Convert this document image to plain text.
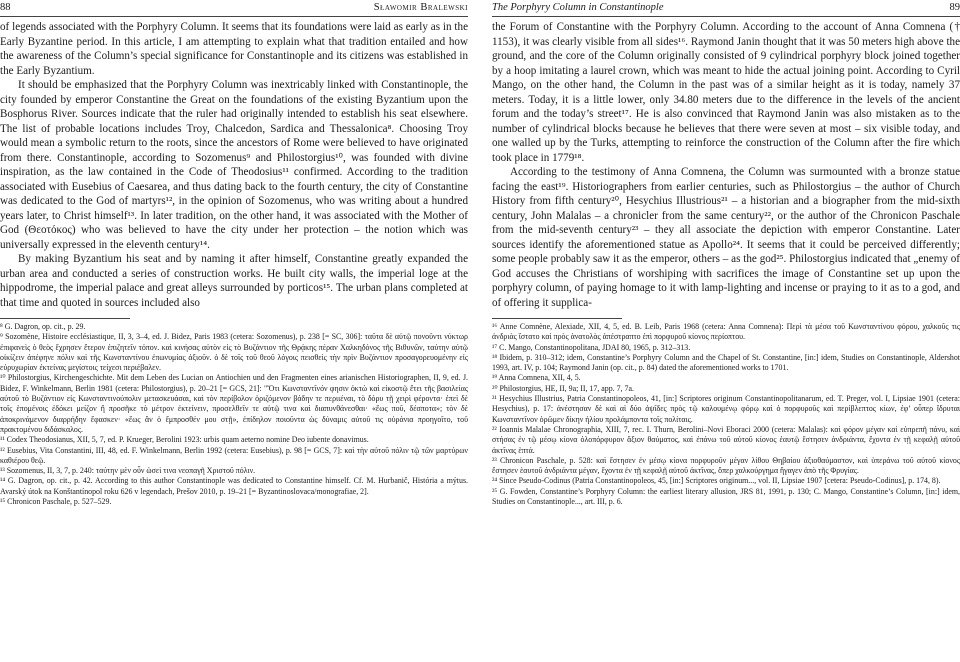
88	Sławomir Bralewski

of legends associated with the Porphyry Column. It seems that its foundations were laid as early as in the Early Byzantine period. In this article, I am attempting to explain what that tradition entailed and how the awareness of the Column’s special significance for Constantinople and its citizens was established in the Early Byzantium.

It should be emphasized that the Porphyry Column was inextricably linked with Constantinople, the city founded by emperor Constantine the Great on the foundations of the existing Byzantium upon the Bosphorus River. Sources indicate that the ruler had originally intended to establish his seat elsewhere. The list of probable locations includes Troy, Chalcedon, Sardica and Thessalonica⁸. Choosing Troy would mean a symbolic return to the roots, since the ancestors of Rome were believed to have originated from there. Constantinople, according to Sozomenus⁹ and Philostorgius¹⁰, was founded with divine inspiration, as the law contained in the Code of Theodosius¹¹ confirmed. According to the tradition associated with Eusebius of Caesarea, and thus dating back to the fourth century, the city of Constantine was dedicated to the God of martyrs¹², in the opinion of Sozomenus, who was writing about a hundred years later, to Christ himself¹³. In later tradition, on the other hand, it was associated with the Mother of God (Θεοτόκος) who was believed to have the city under her protection – the notion which was universally expressed in the eleventh century¹⁴.

By making Byzantium his seat and by naming it after himself, Constantine greatly expanded the urban area and conducted a series of construction works. He built city walls, the imperial loge at the hippodrome, the imperial palace and great alleys surrounded by porticos¹⁵. The urban plans completed at that time and quoted in sources included also

⁸ G. Dagron, op. cit., p. 29.

⁹ Sozomène, Histoire ecclésiastique, II, 3, 3–4, ed. J. Bidez, Paris 1983 (cetera: Sozomenus), p. 238 [= SC, 306]: ταῦτα δὲ αὐτῷ πονοῦντι νύκτωρ ἐπιφανεὶς ὁ θεὸς ἔχρησεν ἕτερον ἐπιζητεῖν τόπον. καὶ κινήσας αὐτὸν εἰς τὸ Βυζάντιον τῆς Θρᾴκης πέραν Χαλκηδόνος τῆς Βιθυνῶν, ταύτην αὐτῷ οἰκίζειν ἀπέφηνε πόλιν καὶ τῆς Κωνσταντίνου ἐπωνυμίας ἀξιοῦν. ὁ δὲ τοῖς τοῦ θεοῦ λόγοις πεισθεὶς τὴν πρὶν Βυζάντιον προσαγορευομένην εἰς εὐρυχωρίαν ἐκτείνας μεγίστοις τείχεσι περιέβαλεν.

¹⁰ Philostorgius, Kirchengeschichte. Mit dem Leben des Lucian on Antiochien und den Fragmenten eines arianischen Historiographen, II, 9, ed. J. Bidez, F. Winkelmann, Berlin 1981 (cetera: Philostorgius), p. 20–21 [= GCS, 21]: "Ὅτι Κωνσταντῖνόν φησιν ὀκτὼ καὶ εἰκοστῷ ἔτει τῆς βασιλείας αὐτοῦ τὸ Βυζάντιον εἰς Κωνσταντινούπολιν μετασκευάσαι, καὶ τὸν περίβολον ὁριζόμενον βάδην τε περιιέναι, τὸ δόρυ τῇ χειρὶ φέροντα· ἐπεὶ δὲ τοῖς ἑπομένοις ἐδόκει μείζον ἢ προσῆκε τὸ μέτρον ἐκτείνειν, προσελθεῖν τε αὐτῷ τινα καὶ διαπυνθάνεσθαι· «ἕως ποῦ, δέσποτα»; τὸν δὲ ἀποκρινάμενον διαρρήδην ἔφασκεν· «ἕως ἂν ὁ ἔμπροσθέν μου στῇ», ἐπίδηλον ποιοῦντα ὡς δύναμις αὐτοῦ τις οὐράνια προηγοῖτο, τοῦ πρακτομένου διδάσκαλος.

¹¹ Codex Theodosianus, XII, 5, 7, ed. P. Krueger, Berolini 1923: urbis quam aeterno nomine Deo iubente donavimus.

¹² Eusebius, Vita Constantini, III, 48, ed. F. Winkelmann, Berlin 1992 (cetera: Eusebius), p. 98 [= GCS, 7]: καὶ τὴν αὐτοῦ πόλιν τῷ τῶν μαρτύρων καθιέρου θεῷ.

¹³ Sozomenus, II, 3, 7, p. 240: ταύτην μὲν οὖν ὡσεὶ τινα νεοπαγῆ Χριστοῦ πόλιν.

¹⁴ G. Dagron, op. cit., p. 42. According to this author Constantinople was dedicated to Constantine himself. Cf. M. Hurbanič, História a mýtus. Avarský útok na Konštantínopol roku 626 v legendach, Prešov 2010, p. 19–21 [= Byzantinoslovaca/monografiae, 2].

¹⁵ Chronicon Paschale, p. 527–529.

The Porphyry Column in Constantinople	89

the Forum of Constantine with the Porphyry Column. According to the account of Anna Comnena († 1153), it was clearly visible from all sides¹⁶. Raymond Janin thought that it was 50 meters high above the ground, and the core of the Column originally consisted of 9 cylindrical porphyry block joined together by a hoop imitating a laurel crown, which was meant to hide the actual joining point. According to Cyril Mango, on the other hand, the Column in the past was of a similar height as it is today, namely 37 meters. Today, it is a little lower, only 34.80 meters due to the difference in the levels of the ancient forum and the today’s street¹⁷. He is also convinced that Raymond Janin was also mistaken as to the number of cylindrical blocks because he believes that there were seven at most – six visible today, and one walled up by the Turks, attempting to reinforce the construction of the Column after the fire which took place in 1779¹⁸.

According to the testimony of Anna Comnena, the Column was surmounted with a bronze statue facing the east¹⁹. Historiographers from earlier centuries, such as Philostorgius – the author of Church History from fifth century²⁰, Hesychius Illustrious²¹ – a historian and a biographer from the mid-sixth century, John Malalas – a chronicler from the same century²², or the author of the Chronicon Paschale from the mid-seventh century²³ – they all associate the depiction with emperor Constantine. Later sources identify the aforementioned statue as Apollo²⁴. It seems that it could be perceived differently; some people probably saw it as the emperor, others – as the god²⁵. Philostorgius indicated that „enemy of God accuses the Christians of worshiping with sacrifices the image of Constantine set up upon the porphyry column, of paying homage to it with lamp-lighting and incense or praying to it as to a god, and of offering it supplica-

¹⁶ Anne Comnène, Alexiade, XII, 4, 5, ed. B. Leib, Paris 1968 (cetera: Anna Comnena): Περὶ τὰ μέσα τοῦ Κωνσταντίνου φόρου, χαλκοῦς τις ἀνδριὰς ἵστατο καὶ πρὸς ἀνατολὰς ἀπέστραπτο ἐπὶ πορφυροῦ κίονος περίοπτου.

¹⁷ C. Mango, Constantinopolitana, JDAI 80, 1965, p. 312–313.

¹⁸ Ibidem, p. 310–312; idem, Constantine’s Porphyry Column and the Chapel of St. Constantine, [in:] idem, Studies on Constantinople, Aldershot 1993, art. IV, p. 104; Raymond Janin (op. cit., p. 84) dated the aforementioned works to 1701.

¹⁹ Anna Comnena, XII, 4, 5.

²⁰ Philostorgius, HE, II, 9a; II, 17, app. 7, 7a.

²¹ Hesychius Illustrius, Patria Constantinopoleos, 41, [in:] Scriptores originum Constantinopolitanarum, ed. T. Preger, vol. I, Lipsiae 1901 (cetera: Hesychius), p. 17: ἀνέστησαν δὲ καὶ αἱ δύο ἁψῖδες πρὸς τῷ καλουμένῳ φόρῳ καὶ ὁ πορφυροῦς καὶ περίβλεπτος κίων, ἐφ’ οὗπερ ἵδρυται Κωνσταντῖνον ὁρῶμεν δίκην ἡλίου προλάμποντα τοῖς πολίταις.

²² Ioannis Malalae Chronographia, XIII, 7, rec. I. Thurn, Berolini–Novi Eboraci 2000 (cetera: Malalas): καὶ φόρον μέγαν καὶ εὐπρεπῆ πάνυ, καὶ στήσας ἐν τῷ μέσῳ κίονα ὁλοπόρφυρον ἄξιον θαύματος, καὶ ἐπάνω τοῦ αὐτοῦ κίονος ἑαυτῷ ἔστησεν ἀνδριάντα, ἔχοντα ἐν τῇ κεφαλῇ αὐτοῦ ἀκτῖνας ἑπτά.

²³ Chronicon Paschale, p. 528: καὶ ἔστησεν ἐν μέσῳ κίονα πορφυροῦν μέγαν λίθου Θηβαίου ἀξιοθαύμαστον, καὶ ὑπεράνω τοῦ αὐτοῦ κίονος ἔστησεν ἑαυτοῦ ἀνδριάντα μέγαν, ἔχοντα ἐν τῇ κεφαλῇ αὐτοῦ ἀκτῖνας, ὅπερ χαλκούργημα ἤγαγεν ἀπὸ τῆς Φρυγίας.

²⁴ Since Pseudo-Codinus (Patria Constantinopoleos, 45, [in:] Scriptores originum..., vol. II, Lipsiae 1907 [cetera: Pseudo-Codinus], p. 174, 8).

²⁵ G. Fowden, Constantine’s Porphyry Column: the earliest literary allusion, JRS 81, 1991, p. 130; C. Mango, Constantine’s Column, [in:] idem, Studies on Constantinople..., art. III, p. 6.
